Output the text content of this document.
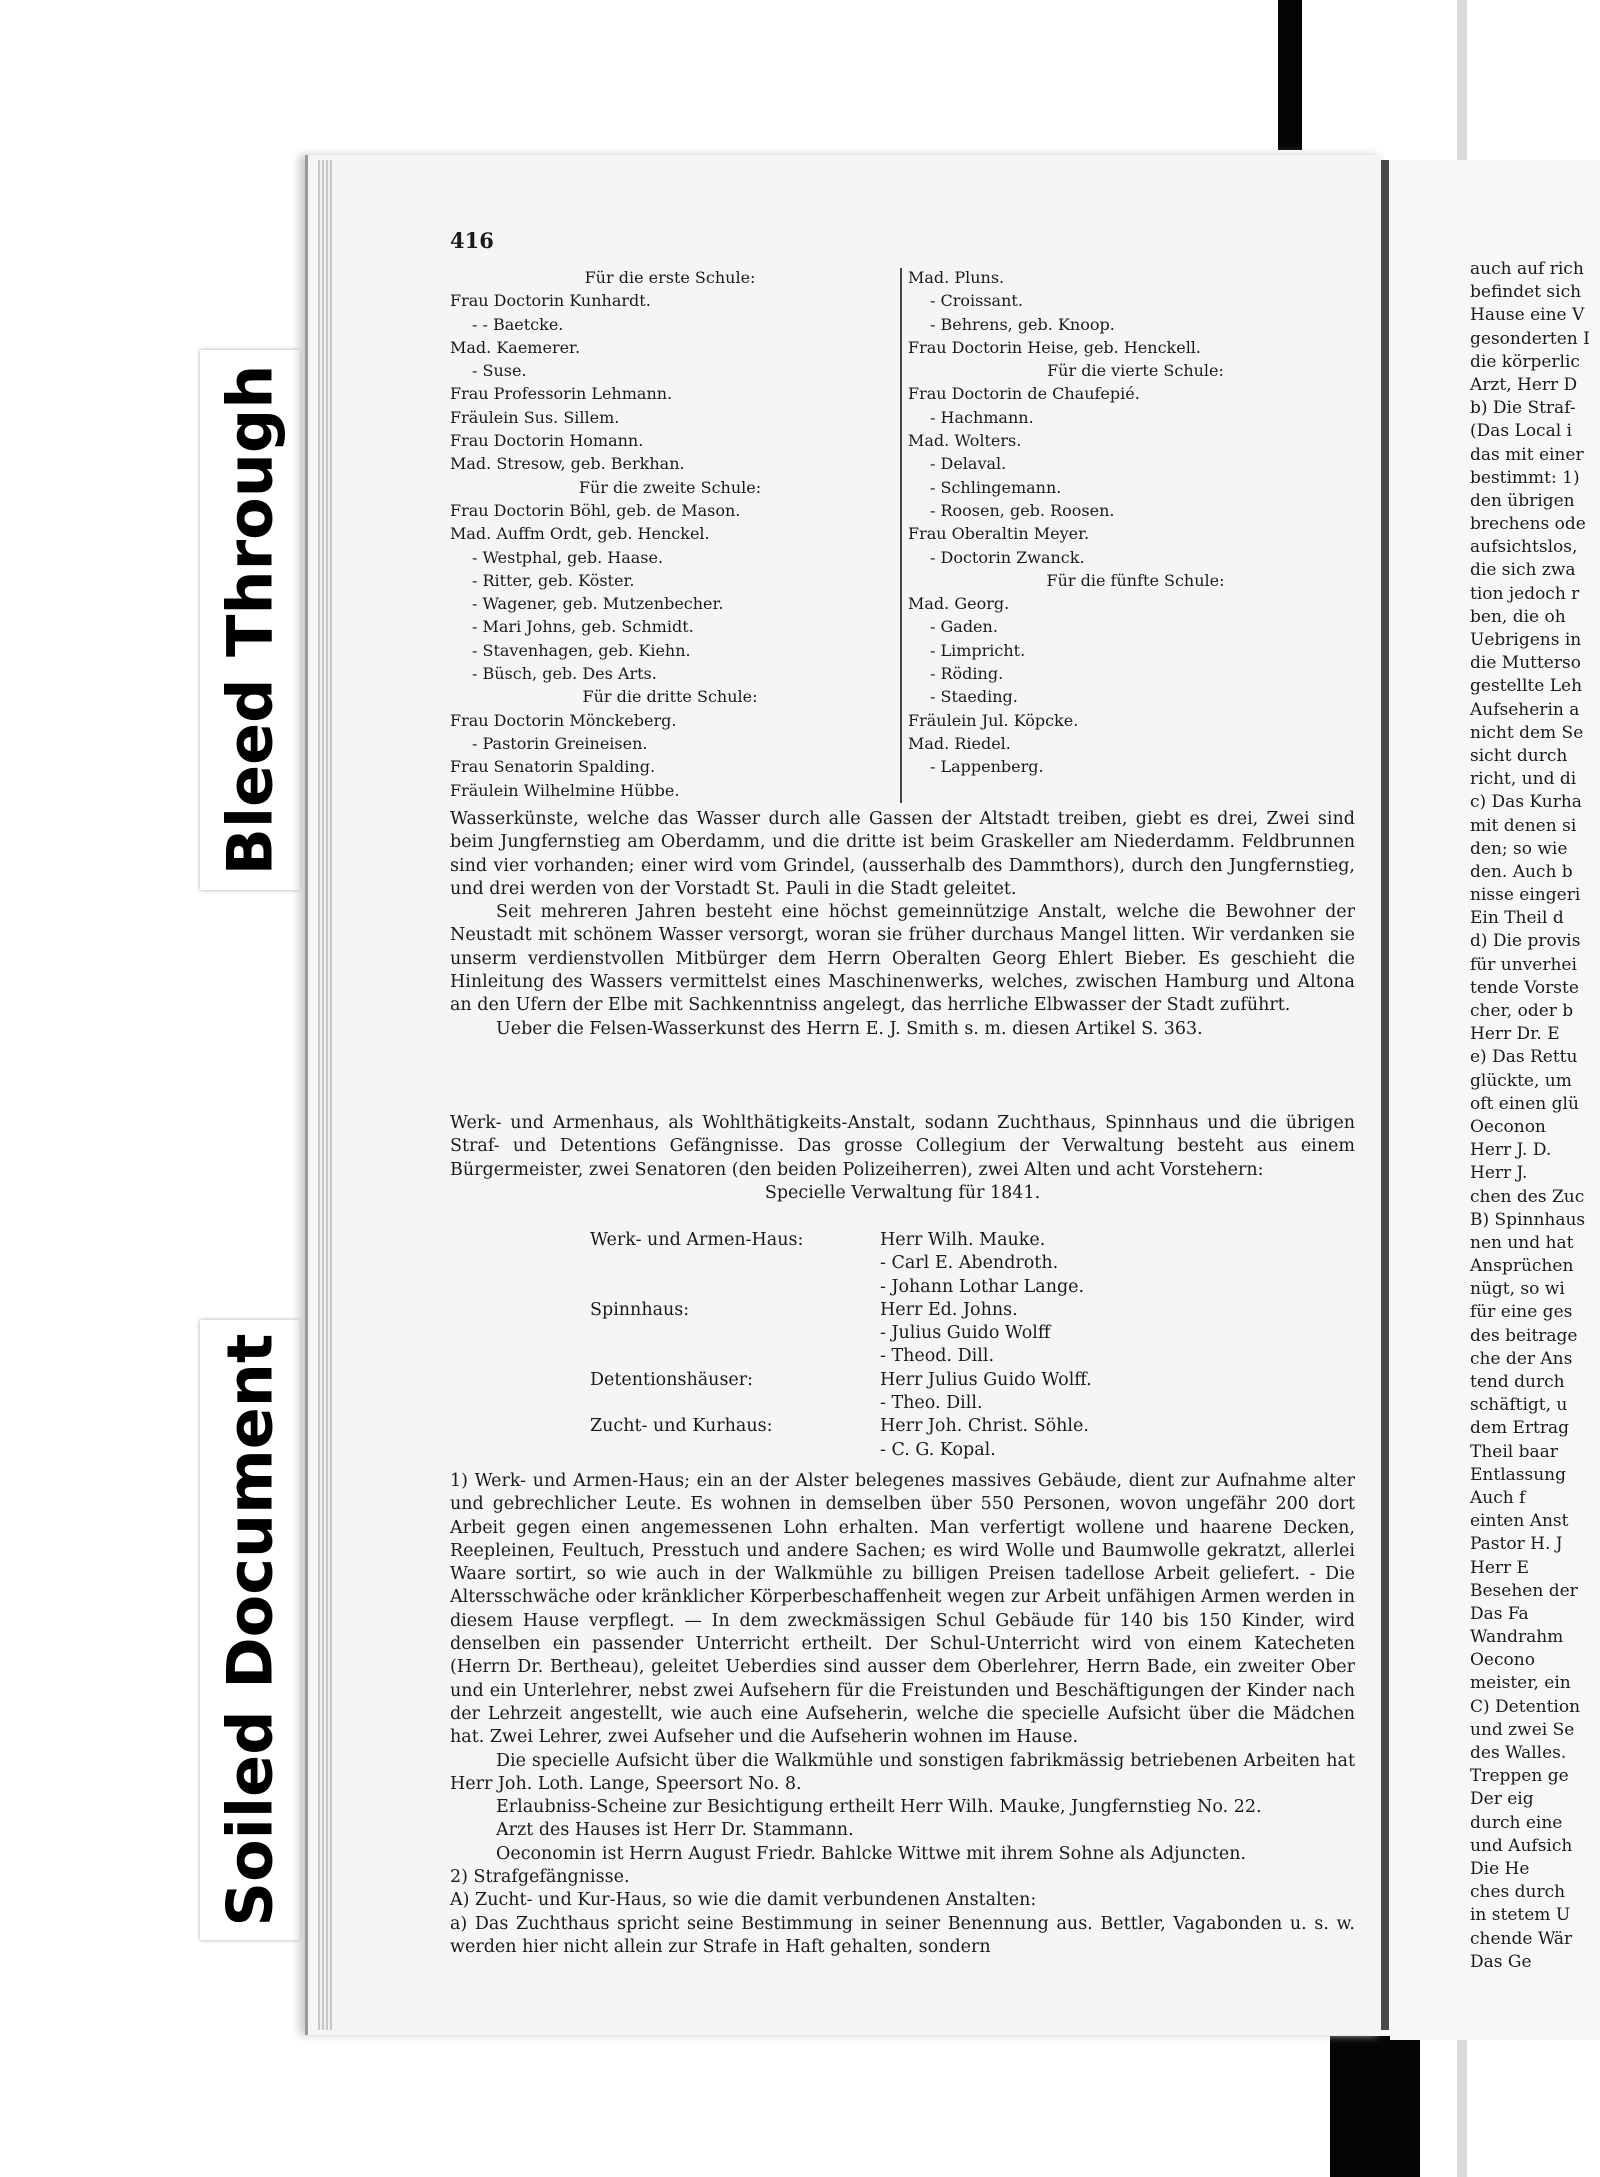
Bleed Through
Soiled Document
416
Für die erste Schule:
Frau Doctorin Kunhardt.
- - Baetcke.
Mad. Kaemerer.
- Suse.
Frau Professorin Lehmann.
Fräulein Sus. Sillem.
Frau Doctorin Homann.
Mad. Stresow, geb. Berkhan.
Für die zweite Schule:
Frau Doctorin Böhl, geb. de Mason.
Mad. Auffm Ordt, geb. Henckel.
- Westphal, geb. Haase.
- Ritter, geb. Köster.
- Wagener, geb. Mutzenbecher.
- Mari Johns, geb. Schmidt.
- Stavenhagen, geb. Kiehn.
- Büsch, geb. Des Arts.
Für die dritte Schule:
Frau Doctorin Mönckeberg.
- Pastorin Greineisen.
Frau Senatorin Spalding.
Fräulein Wilhelmine Hübbe.
Mad. Pluns.
- Croissant.
- Behrens, geb. Knoop.
Frau Doctorin Heise, geb. Henckell.
Für die vierte Schule:
Frau Doctorin de Chaufepié.
- Hachmann.
Mad. Wolters.
- Delaval.
- Schlingemann.
- Roosen, geb. Roosen.
Frau Oberaltin Meyer.
- Doctorin Zwanck.
Für die fünfte Schule:
Mad. Georg.
- Gaden.
- Limpricht.
- Röding.
- Staeding.
Fräulein Jul. Köpcke.
Mad. Riedel.
- Lappenberg.

Wasserkünste, welche das Wasser durch alle Gassen der Altstadt treiben, giebt es drei, Zwei sind beim Jungfernstieg am Oberdamm, und die dritte ist beim Graskeller am Niederdamm. Feldbrunnen sind vier vorhanden; einer wird vom Grindel, (ausserhalb des Dammthors), durch den Jungfernstieg, und drei werden von der Vorstadt St. Pauli in die Stadt geleitet.

Seit mehreren Jahren besteht eine höchst gemeinnützige Anstalt, welche die Bewohner der Neustadt mit schönem Wasser versorgt, woran sie früher durchaus Mangel litten. Wir verdanken sie unserm verdienstvollen Mitbürger dem Herrn Oberalten Georg Ehlert Bieber. Es geschieht die Hinleitung des Wassers vermittelst eines Maschinenwerks, welches, zwischen Hamburg und Altona an den Ufern der Elbe mit Sachkenntniss angelegt, das herrliche Elbwasser der Stadt zuführt.

Ueber die Felsen-Wasserkunst des Herrn E. J. Smith s. m. diesen Artikel S. 363.

Werk- und Armenhaus, als Wohlthätigkeits-Anstalt, sodann Zuchthaus, Spinnhaus und die übrigen Straf- und Detentions Gefängnisse. Das grosse Collegium der Verwaltung besteht aus einem Bürgermeister, zwei Senatoren (den beiden Polizeiherren), zwei Alten und acht Vorstehern:

Specielle Verwaltung für 1841.
Werk- und Armen-Haus:	Herr Wilh. Mauke.
- Carl E. Abendroth.
- Johann Lothar Lange.
Spinnhaus:	Herr Ed. Johns.
- Julius Guido Wolff
- Theod. Dill.
Detentionshäuser:	Herr Julius Guido Wolff.
- Theo. Dill.
Zucht- und Kurhaus:	Herr Joh. Christ. Söhle.
- C. G. Kopal.

1) Werk- und Armen-Haus; ein an der Alster belegenes massives Gebäude, dient zur Aufnahme alter und gebrechlicher Leute. Es wohnen in demselben über 550 Personen, wovon ungefähr 200 dort Arbeit gegen einen angemessenen Lohn erhalten. Man verfertigt wollene und haarene Decken, Reepleinen, Feultuch, Presstuch und andere Sachen; es wird Wolle und Baumwolle gekratzt, allerlei Waare sortirt, so wie auch in der Walkmühle zu billigen Preisen tadellose Arbeit geliefert. - Die Altersschwäche oder kränklicher Körperbeschaffenheit wegen zur Arbeit unfähigen Armen werden in diesem Hause verpflegt. — In dem zweckmässigen Schul Gebäude für 140 bis 150 Kinder, wird denselben ein passender Unterricht ertheilt. Der Schul-Unterricht wird von einem Katecheten (Herrn Dr. Bertheau), geleitet Ueberdies sind ausser dem Oberlehrer, Herrn Bade, ein zweiter Ober und ein Unterlehrer, nebst zwei Aufsehern für die Freistunden und Beschäftigungen der Kinder nach der Lehrzeit angestellt, wie auch eine Aufseherin, welche die specielle Aufsicht über die Mädchen hat. Zwei Lehrer, zwei Aufseher und die Aufseherin wohnen im Hause.

Die specielle Aufsicht über die Walkmühle und sonstigen fabrikmässig betriebenen Arbeiten hat Herr Joh. Loth. Lange, Speersort No. 8.

Erlaubniss-Scheine zur Besichtigung ertheilt Herr Wilh. Mauke, Jungfernstieg No. 22.

Arzt des Hauses ist Herr Dr. Stammann.

Oeconomin ist Herrn August Friedr. Bahlcke Wittwe mit ihrem Sohne als Adjuncten.

2) Strafgefängnisse.

A) Zucht- und Kur-Haus, so wie die damit verbundenen Anstalten:

a) Das Zuchthaus spricht seine Bestimmung in seiner Benennung aus. Bettler, Vagabonden u. s. w. werden hier nicht allein zur Strafe in Haft gehalten, sondern

auch auf rich
befindet sich
Hause eine V
gesonderten I
die körperlic
Arzt, Herr D
b) Die Straf-
(Das Local i
das mit einer
bestimmt: 1)
den übrigen
brechens ode
aufsichtslos,
die sich zwa
tion jedoch r
ben, die oh
Uebrigens in
die Mutterso
gestellte Leh
Aufseherin a
nicht dem Se
sicht durch
richt, und di
c) Das Kurha
mit denen si
den; so wie
den. Auch b
nisse eingeri
Ein Theil d
d) Die provis
für unverhei
tende Vorste
cher, oder b
Herr Dr. E
e) Das Rettu
glückte, um
oft einen glü
Oeconon
Herr J. D.
Herr J.
chen des Zuc
B) Spinnhaus
nen und hat
Ansprüchen
nügt, so wi
für eine ges
des beitrage
che der Ans
tend durch
schäftigt, u
dem Ertrag
Theil baar
Entlassung
Auch f
einten Anst
Pastor H. J
Herr E
Besehen der
Das Fa
Wandrahm
Oecono
meister, ein
C) Detention
und zwei Se
des Walles.
Treppen ge
Der eig
durch eine
und Aufsich
Die He
ches durch
in stetem U
chende Wär
Das Ge
